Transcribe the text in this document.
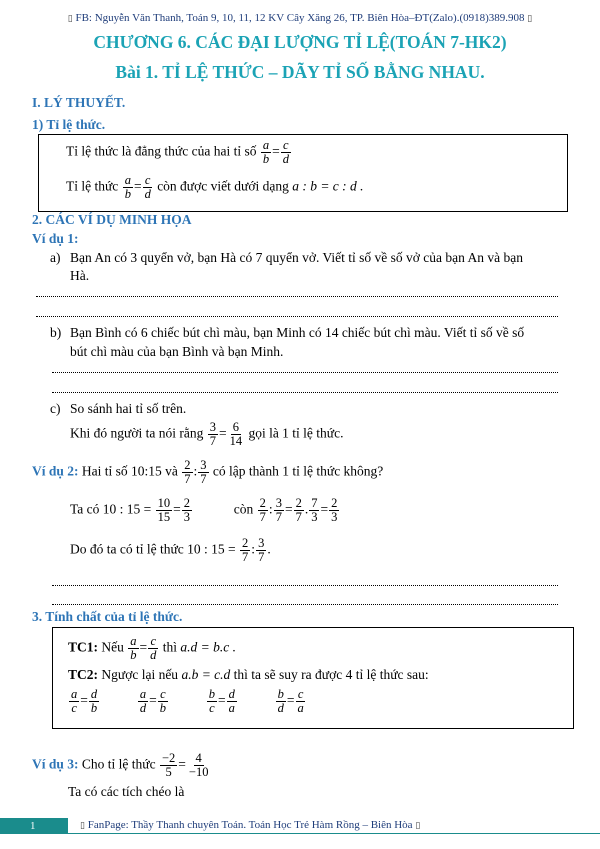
▯ FB: Nguyễn Văn Thanh, Toán 9, 10, 11, 12 KV Cây Xăng 26, TP. Biên Hòa–ĐT(Zalo).(0918)389.908 ▯
CHƯƠNG 6. CÁC ĐẠI LƯỢNG TỈ LỆ(TOÁN 7-HK2)
Bài 1. TỈ LỆ THỨC – DÃY TỈ SỐ BẰNG NHAU.
I. LÝ THUYẾT.
1) Tỉ lệ thức.
Tỉ lệ thức là đẳng thức của hai tỉ số $\frac{a}{b} = \frac{c}{d}$
Tỉ lệ thức $\frac{a}{b} = \frac{c}{d}$ còn được viết dưới dạng a : b = c : d .
2. CÁC VÍ DỤ MINH HỌA
Ví dụ 1:
a) Bạn An có 3 quyển vở, bạn Hà có 7 quyển vở. Viết tỉ số về số vở của bạn An và bạn
Hà.
b) Bạn Bình có 6 chiếc bút chì màu, bạn Minh có 14 chiếc bút chì màu. Viết tỉ số về số
bút chì màu của bạn Bình và bạn Minh.
c) So sánh hai tỉ số trên.
Khi đó người ta nói rằng $\frac{3}{7} = \frac{6}{14}$ gọi là 1 tỉ lệ thức.
Ví dụ 2: Hai tỉ số 10:15 và $\frac{2}{7}$ : $\frac{3}{7}$ có lập thành 1 tỉ lệ thức không?
Ta có 10 : $15 = \frac{10}{15} = \frac{2}{3}$	còn $\frac{2}{7}$ : $\frac{3}{7} = \frac{2}{7}$ . $\frac{7}{3} = \frac{2}{3}$
Do đó ta có tỉ lệ thức 10 : $15 = \frac{2}{7}$ : $\frac{3}{7}$ .
3. Tính chất của tỉ lệ thức.
TC1: Nếu $\frac{a}{b} = \frac{c}{d}$ thì a.d = b.c .
TC2: Ngược lại nếu a.b = c.d thì ta sẽ suy ra được 4 tỉ lệ thức sau:
$\frac{a}{c} = \frac{d}{b}$
	$\frac{a}{d} = \frac{c}{b}$
	$\frac{b}{c} = \frac{d}{a}$
	$\frac{b}{d} = \frac{c}{a}$
Ví dụ 3: Cho tỉ lệ thức $\frac{-2}{5} = \frac{4}{-10}$
Ta có các tích chéo là
1	▯ FanPage: Thầy Thanh chuyên Toán. Toán Học Trẻ Hàm Rồng – Biên Hòa ▯
